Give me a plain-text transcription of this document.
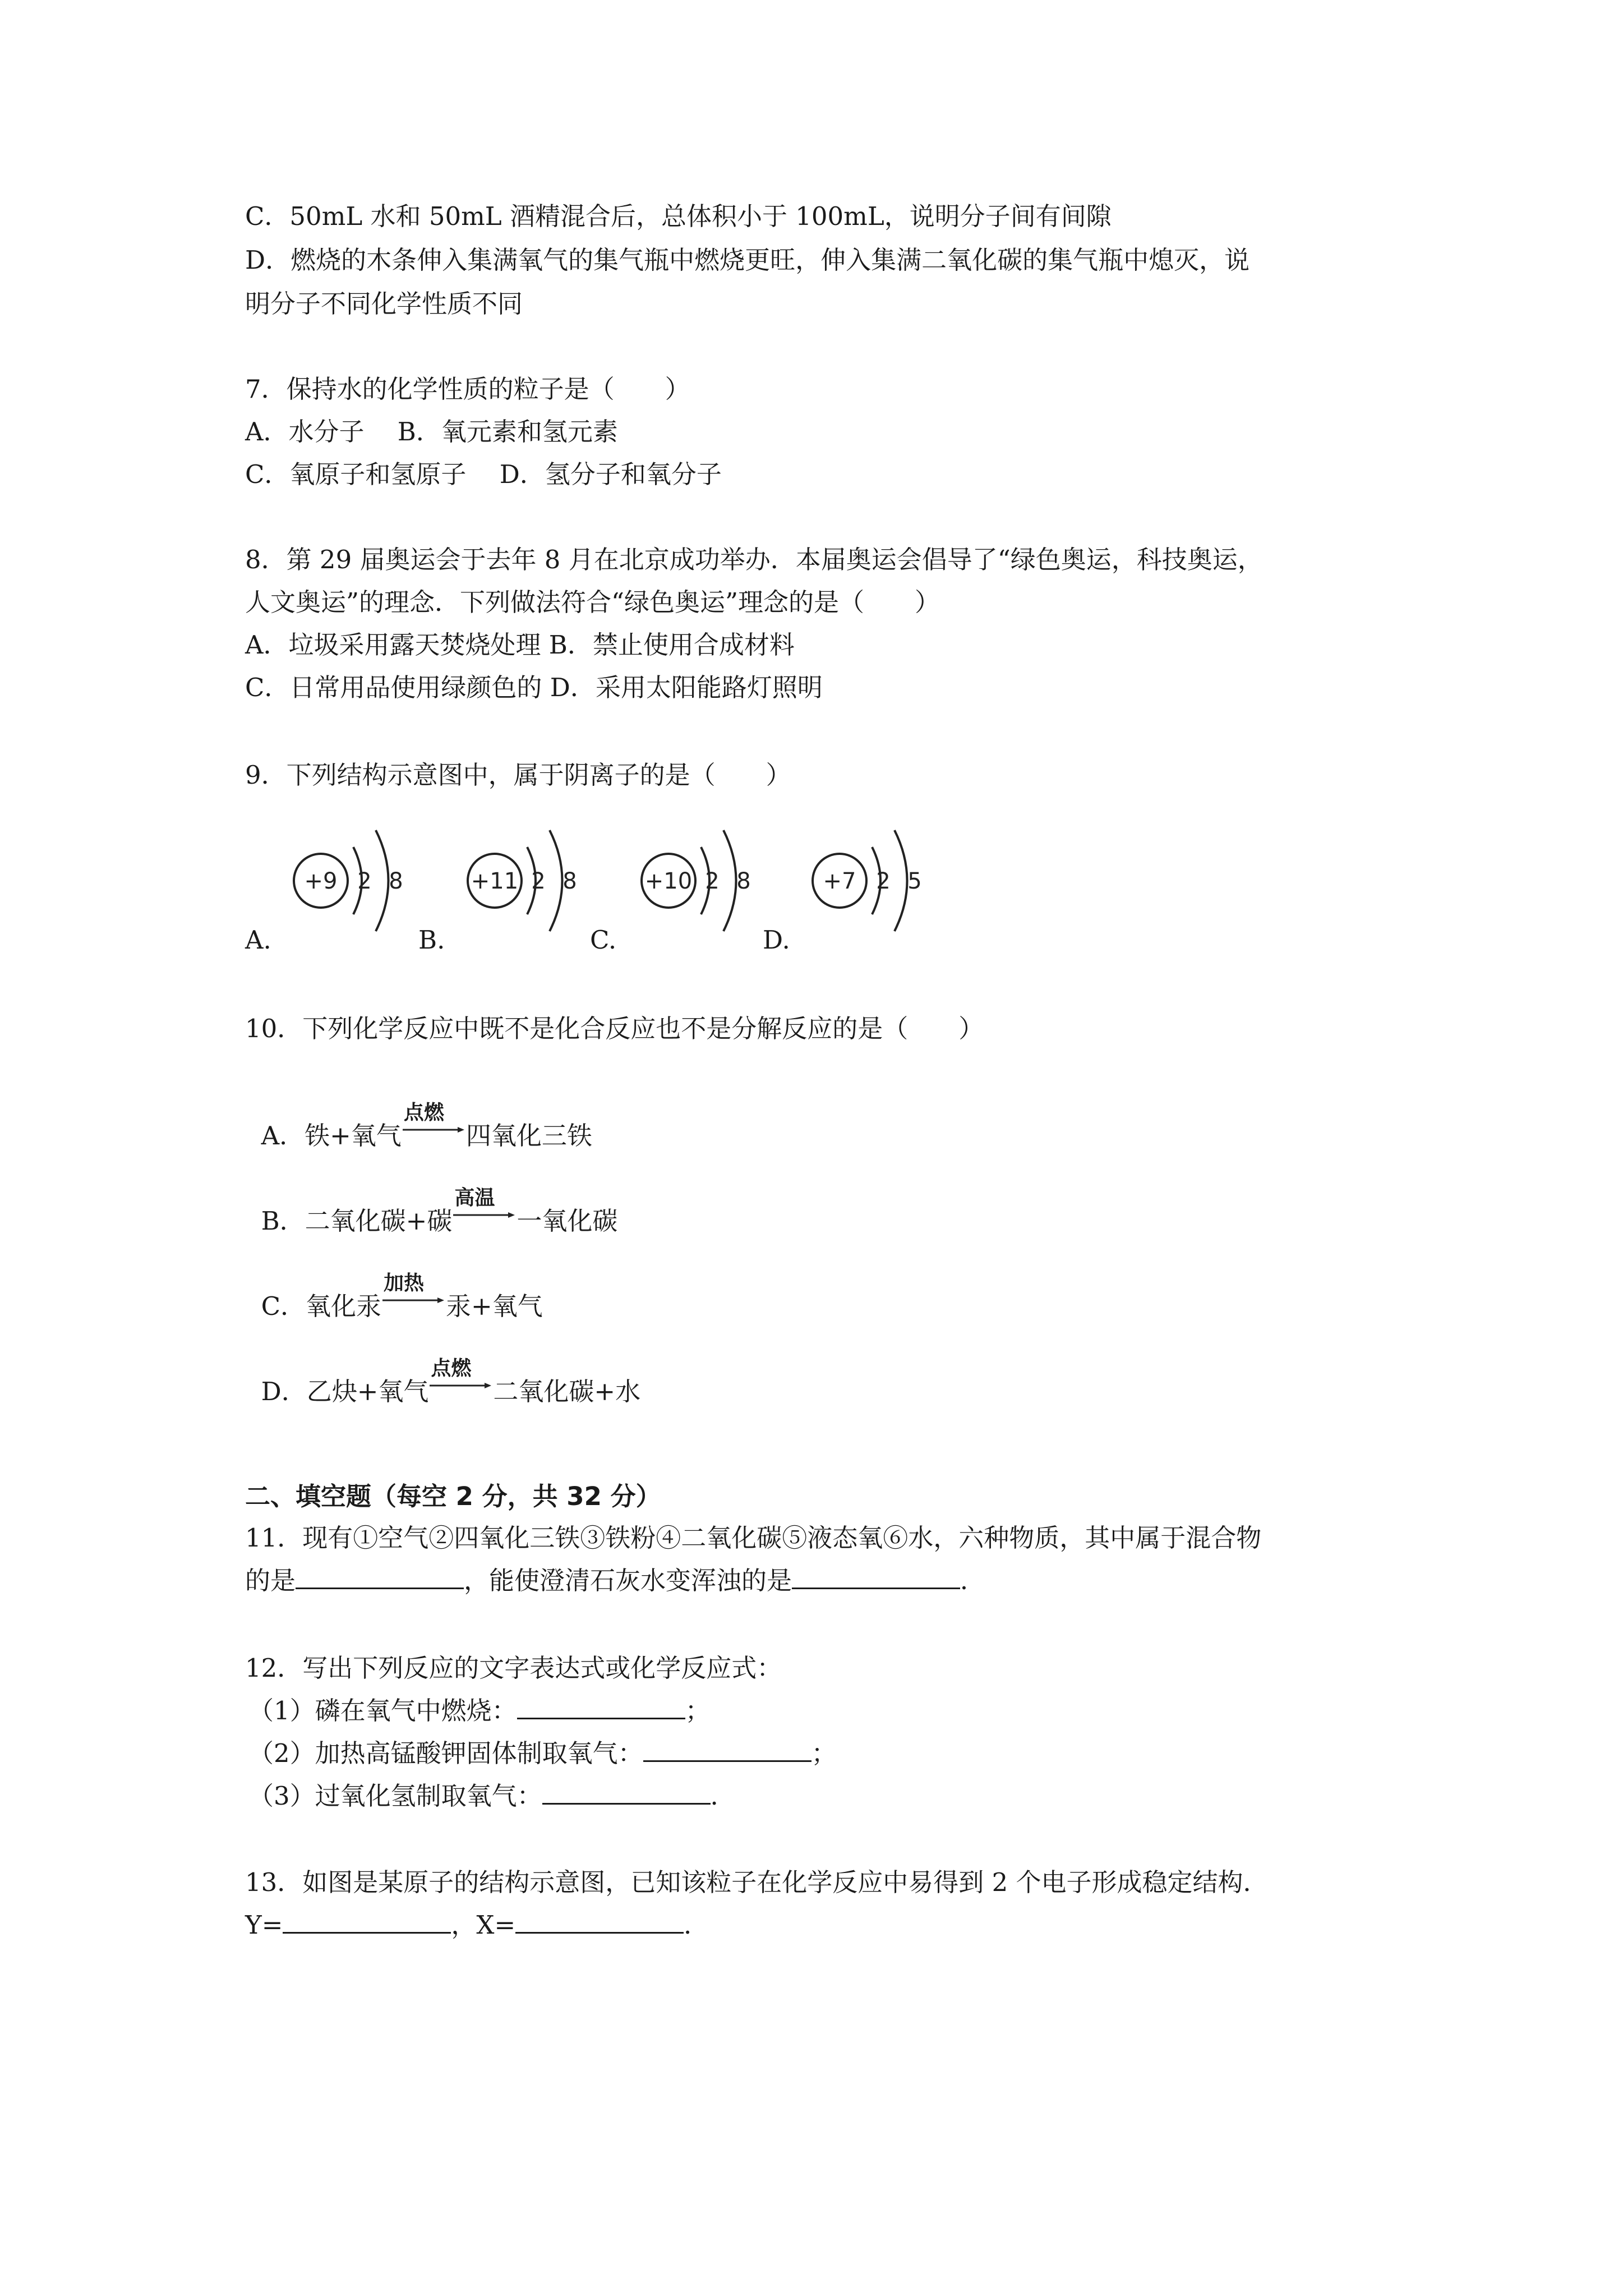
C．50mL 水和 50mL 酒精混合后，总体积小于 100mL，说明分子间有间隙
D．燃烧的木条伸入集满氧气的集气瓶中燃烧更旺，伸入集满二氧化碳的集气瓶中熄灭，说
明分子不同化学性质不同
7．保持水的化学性质的粒子是（　　）
A．水分子　 B．氧元素和氢元素
C．氧原子和氢原子　 D．氢分子和氧分子
8．第 29 届奥运会于去年 8 月在北京成功举办．本届奥运会倡导了“绿色奥运，科技奥运，
人文奥运”的理念．下列做法符合“绿色奥运”理念的是（　　）
A．垃圾采用露天焚烧处理 B．禁止使用合成材料
C．日常用品使用绿颜色的 D．采用太阳能路灯照明
9．下列结构示意图中，属于阴离子的是（　　）
A.	B.	C.	D.
+9 2 8	+11 2 8	+10 2 8	+7 2 5
10．下列化学反应中既不是化合反应也不是分解反应的是（　　）

A．铁+氧气
点燃
四氧化三铁

B．二氧化碳+碳
高温
一氧化碳

C．氧化汞
加热
汞+氧气

D．乙炔+氧气
点燃
二氧化碳+水

二、填空题（每空 2 分，共 32 分）
11．现有①空气②四氧化三铁③铁粉④二氧化碳⑤液态氧⑥水，六种物质，其中属于混合物
的是	，能使澄清石灰水变浑浊的是	．
12．写出下列反应的文字表达式或化学反应式：
（1）磷在氧气中燃烧：	；
（2）加热高锰酸钾固体制取氧气：	；
（3）过氧化氢制取氧气：	．
13．如图是某原子的结构示意图，已知该粒子在化学反应中易得到 2 个电子形成稳定结构．
Y=	，X=	．
